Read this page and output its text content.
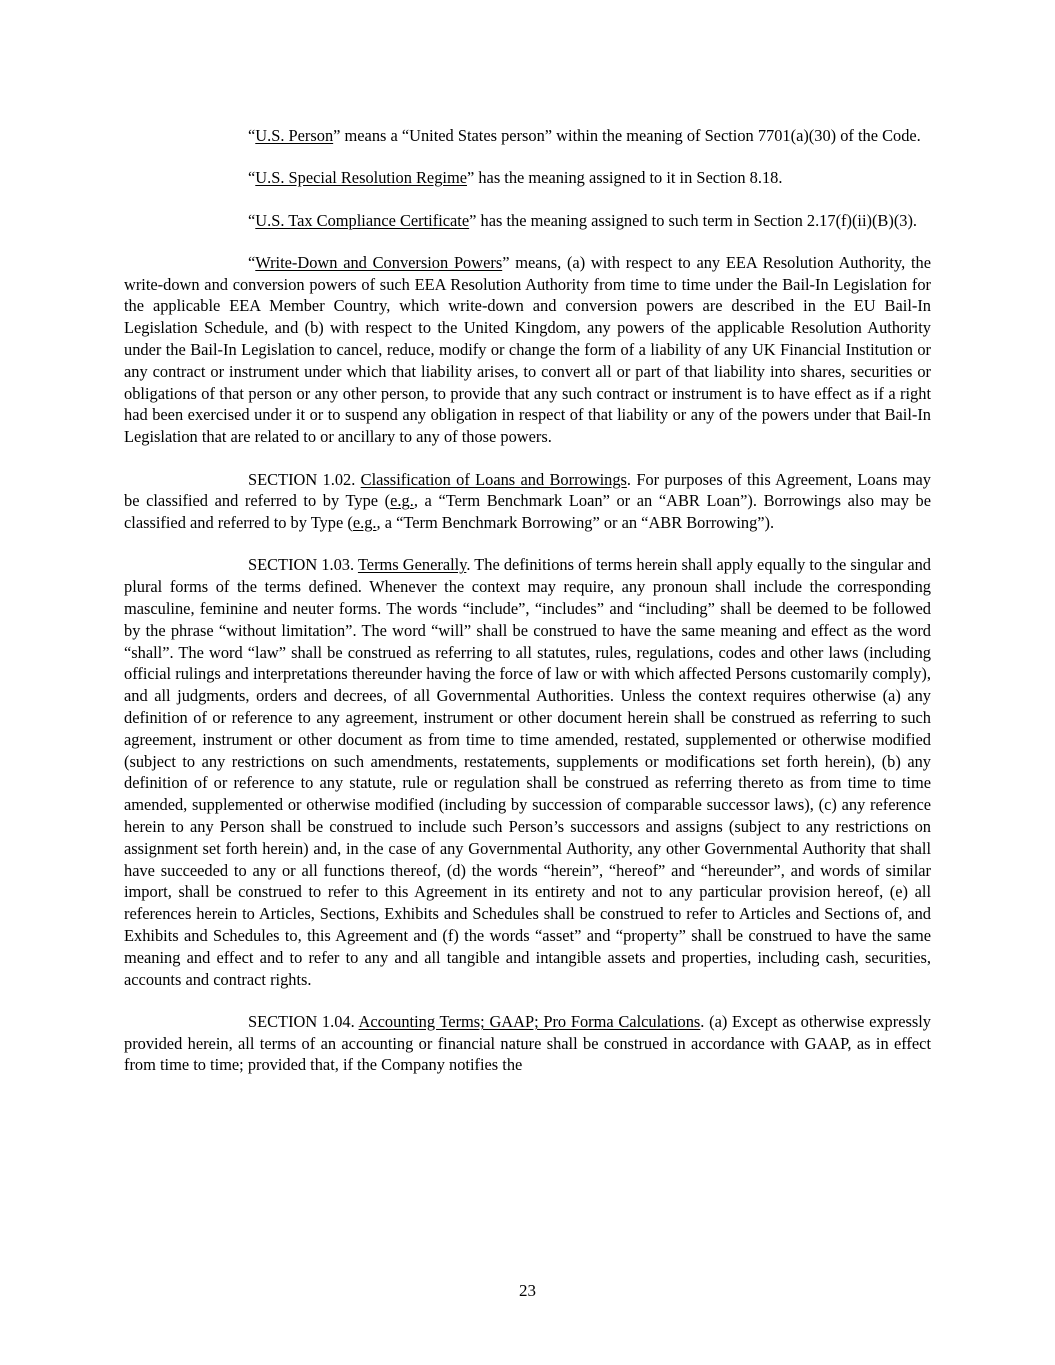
“U.S. Person” means a “United States person” within the meaning of Section 7701(a)(30) of the Code.

“U.S. Special Resolution Regime” has the meaning assigned to it in Section 8.18.

“U.S. Tax Compliance Certificate” has the meaning assigned to such term in Section 2.17(f)(ii)(B)(3).

“Write-Down and Conversion Powers” means, (a) with respect to any EEA Resolution Authority, the write-down and conversion powers of such EEA Resolution Authority from time to time under the Bail-In Legislation for the applicable EEA Member Country, which write-down and conversion powers are described in the EU Bail-In Legislation Schedule, and (b) with respect to the United Kingdom, any powers of the applicable Resolution Authority under the Bail-In Legislation to cancel, reduce, modify or change the form of a liability of any UK Financial Institution or any contract or instrument under which that liability arises, to convert all or part of that liability into shares, securities or obligations of that person or any other person, to provide that any such contract or instrument is to have effect as if a right had been exercised under it or to suspend any obligation in respect of that liability or any of the powers under that Bail-In Legislation that are related to or ancillary to any of those powers.

SECTION 1.02. Classification of Loans and Borrowings. For purposes of this Agreement, Loans may be classified and referred to by Type (e.g., a “Term Benchmark Loan” or an “ABR Loan”). Borrowings also may be classified and referred to by Type (e.g., a “Term Benchmark Borrowing” or an “ABR Borrowing”).

SECTION 1.03. Terms Generally. The definitions of terms herein shall apply equally to the singular and plural forms of the terms defined. Whenever the context may require, any pronoun shall include the corresponding masculine, feminine and neuter forms. The words “include”, “includes” and “including” shall be deemed to be followed by the phrase “without limitation”. The word “will” shall be construed to have the same meaning and effect as the word “shall”. The word “law” shall be construed as referring to all statutes, rules, regulations, codes and other laws (including official rulings and interpretations thereunder having the force of law or with which affected Persons customarily comply), and all judgments, orders and decrees, of all Governmental Authorities. Unless the context requires otherwise (a) any definition of or reference to any agreement, instrument or other document herein shall be construed as referring to such agreement, instrument or other document as from time to time amended, restated, supplemented or otherwise modified (subject to any restrictions on such amendments, restatements, supplements or modifications set forth herein), (b) any definition of or reference to any statute, rule or regulation shall be construed as referring thereto as from time to time amended, supplemented or otherwise modified (including by succession of comparable successor laws), (c) any reference herein to any Person shall be construed to include such Person’s successors and assigns (subject to any restrictions on assignment set forth herein) and, in the case of any Governmental Authority, any other Governmental Authority that shall have succeeded to any or all functions thereof, (d) the words “herein”, “hereof” and “hereunder”, and words of similar import, shall be construed to refer to this Agreement in its entirety and not to any particular provision hereof, (e) all references herein to Articles, Sections, Exhibits and Schedules shall be construed to refer to Articles and Sections of, and Exhibits and Schedules to, this Agreement and (f) the words “asset” and “property” shall be construed to have the same meaning and effect and to refer to any and all tangible and intangible assets and properties, including cash, securities, accounts and contract rights.

SECTION 1.04. Accounting Terms; GAAP; Pro Forma Calculations. (a) Except as otherwise expressly provided herein, all terms of an accounting or financial nature shall be construed in accordance with GAAP, as in effect from time to time; provided that, if the Company notifies the

23
